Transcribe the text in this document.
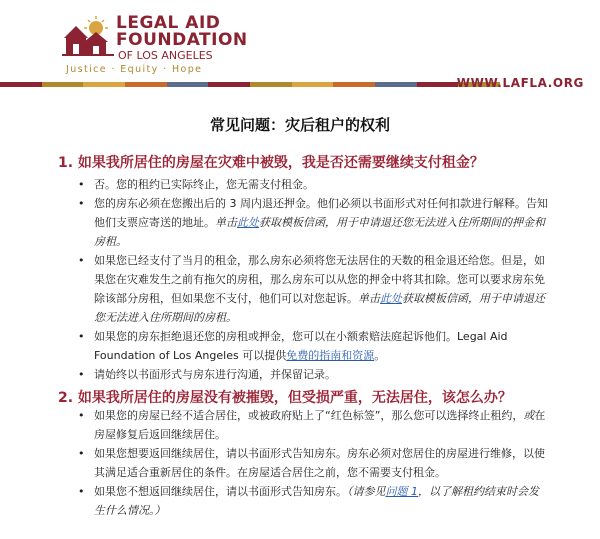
LEGAL AID
FOUNDATION
OF LOS ANGELES
Justice · Equity · Hope
WWW.LAFLA.ORG
常见问题：灾后租户的权利
1. 如果我所居住的房屋在灾难中被毁，我是否还需要继续支付租金？
• 否。您的租约已实际终止，您无需支付租金。
• 您的房东必须在您搬出后的 3 周内退还押金。他们必须以书面形式对任何扣款进行解释。告知他们支票应寄送的地址。单击此处获取模板信函，用于申请退还您无法进入住所期间的押金和房租。
• 如果您已经支付了当月的租金，那么房东必须将您无法居住的天数的租金退还给您。但是，如果您在灾难发生之前有拖欠的房租，那么房东可以从您的押金中将其扣除。您可以要求房东免除该部分房租，但如果您不支付，他们可以对您起诉。单击此处获取模板信函，用于申请退还您无法进入住所期间的房租。
• 如果您的房东拒绝退还您的房租或押金，您可以在小额索赔法庭起诉他们。Legal Aid Foundation of Los Angeles 可以提供免费的指南和资源。
• 请始终以书面形式与房东进行沟通，并保留记录。
2. 如果我所居住的房屋没有被摧毁，但受损严重，无法居住，该怎么办？
• 如果您的房屋已经不适合居住，或被政府贴上了“红色标签”，那么您可以选择终止租约，或在房屋修复后返回继续居住。
• 如果您想要返回继续居住，请以书面形式告知房东。房东必须对您居住的房屋进行维修，以使其满足适合重新居住的条件。在房屋适合居住之前，您不需要支付租金。
• 如果您不想返回继续居住，请以书面形式告知房东。（请参见问题 1，以了解租约结束时会发生什么情况。）
